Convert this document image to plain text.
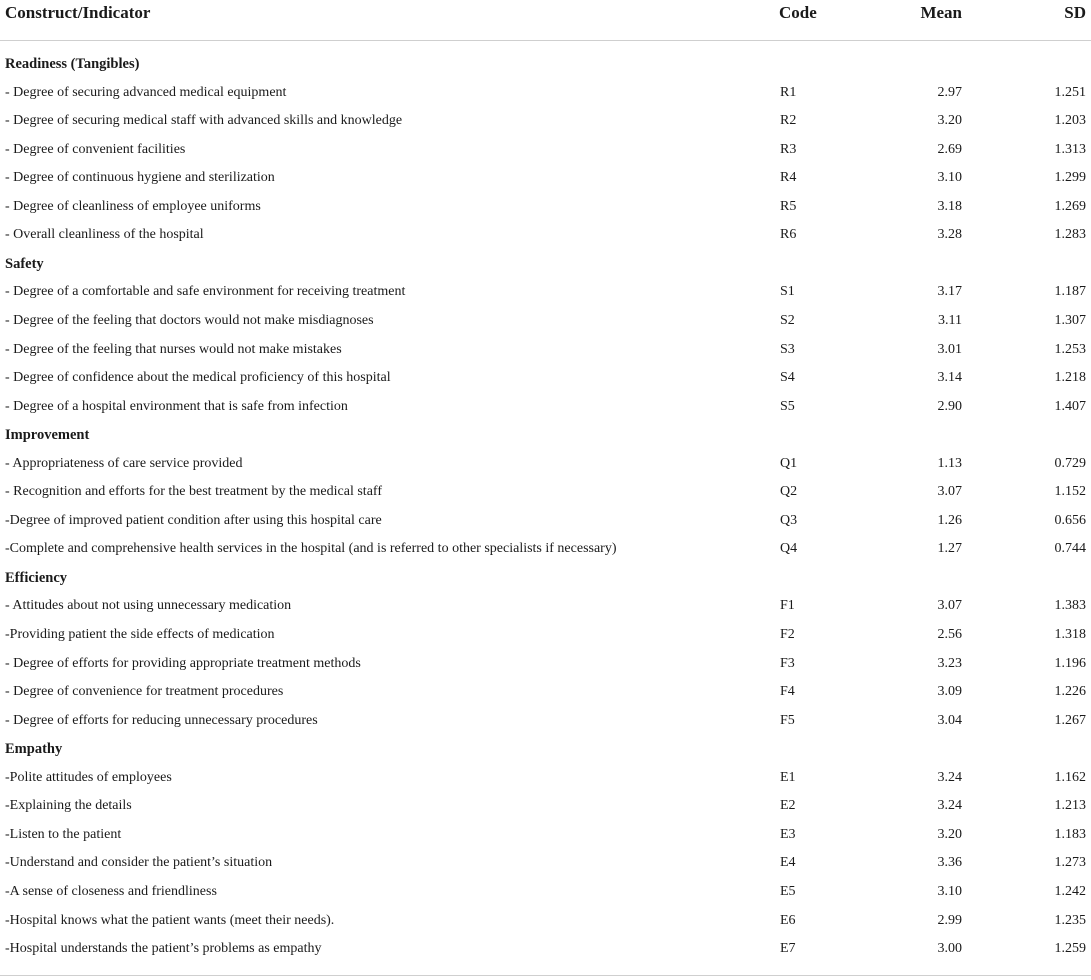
Construct/Indicator	Code	Mean	SD
Readiness (Tangibles)
- Degree of securing advanced medical equipment	R1	2.97	1.251
- Degree of securing medical staff with advanced skills and knowledge	R2	3.20	1.203
- Degree of convenient facilities	R3	2.69	1.313
- Degree of continuous hygiene and sterilization	R4	3.10	1.299
- Degree of cleanliness of employee uniforms	R5	3.18	1.269
- Overall cleanliness of the hospital	R6	3.28	1.283
Safety
- Degree of a comfortable and safe environment for receiving treatment	S1	3.17	1.187
- Degree of the feeling that doctors would not make misdiagnoses	S2	3.11	1.307
- Degree of the feeling that nurses would not make mistakes	S3	3.01	1.253
- Degree of confidence about the medical proficiency of this hospital	S4	3.14	1.218
- Degree of a hospital environment that is safe from infection	S5	2.90	1.407
Improvement
- Appropriateness of care service provided	Q1	1.13	0.729
- Recognition and efforts for the best treatment by the medical staff	Q2	3.07	1.152
-Degree of improved patient condition after using this hospital care	Q3	1.26	0.656
-Complete and comprehensive health services in the hospital (and is referred to other specialists if necessary)	Q4	1.27	0.744
Efficiency
- Attitudes about not using unnecessary medication	F1	3.07	1.383
-Providing patient the side effects of medication	F2	2.56	1.318
- Degree of efforts for providing appropriate treatment methods	F3	3.23	1.196
- Degree of convenience for treatment procedures	F4	3.09	1.226
- Degree of efforts for reducing unnecessary procedures	F5	3.04	1.267
Empathy
-Polite attitudes of employees	E1	3.24	1.162
-Explaining the details	E2	3.24	1.213
-Listen to the patient	E3	3.20	1.183
-Understand and consider the patient’s situation	E4	3.36	1.273
-A sense of closeness and friendliness	E5	3.10	1.242
-Hospital knows what the patient wants (meet their needs).	E6	2.99	1.235
-Hospital understands the patient’s problems as empathy	E7	3.00	1.259
